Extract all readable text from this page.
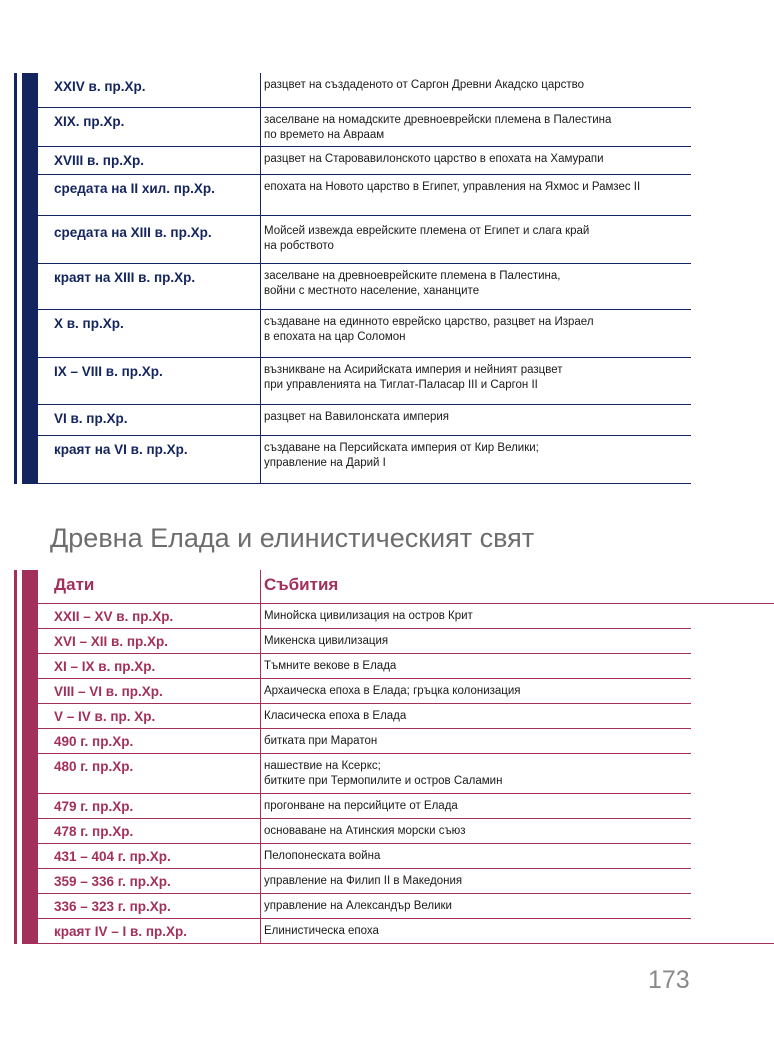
XXIV в. пр.Хр.	разцвет на създаденото от Саргон Древни Акадско царство
XIX. пр.Хр.	заселване на номадските древноеврейски племена в Палестина
по времето на Авраам
XVIII в. пр.Хр.	разцвет на Старовавилонското царство в епохата на Хамурапи
средата на II хил. пр.Хр.	епохата на Новото царство в Египет, управления на Яхмос и Рамзес II
средата на XIII в. пр.Хр.	Мойсей извежда еврейските племена от Египет и слага край
на робството
краят на XIII в. пр.Хр.	заселване на древноеврейските племена в Палестина,
войни с местното население, хананците
X в. пр.Хр.	създаване на единното еврейско царство, разцвет на Израел
в епохата на цар Соломон
IX – VIII в. пр.Хр.	възникване на Асирийската империя и нейният разцвет
при управленията на Тиглат-Паласар III и Саргон II
VI в. пр.Хр.	разцвет на Вавилонската империя
краят на VI в. пр.Хр.	създаване на Персийската империя от Кир Велики;
управление на Дарий I
Древна Елада и елинистическият свят
Дати	Събития
XXII – XV в. пр.Хр.	Минойска цивилизация на остров Крит
XVI – XII в. пр.Хр.	Микенска цивилизация
XI – IX в. пр.Хр.	Тъмните векове в Елада
VIII – VI в. пр.Хр.	Архаическа епоха в Елада; гръцка колонизация
V – IV в. пр. Хр.	Класическа епоха в Елада
490 г. пр.Хр.	битката при Маратон
480 г. пр.Хр.	нашествие на Ксеркс;
битките при Термопилите и остров Саламин
479 г. пр.Хр.	прогонване на персийците от Елада
478 г. пр.Хр.	основаване на Атинския морски съюз
431 – 404 г. пр.Хр.	Пелопонеската война
359 – 336 г. пр.Хр.	управление на Филип II в Македония
336 – 323 г. пр.Хр.	управление на Александър Велики
краят IV – I в. пр.Хр.	Елинистическа епоха
173
